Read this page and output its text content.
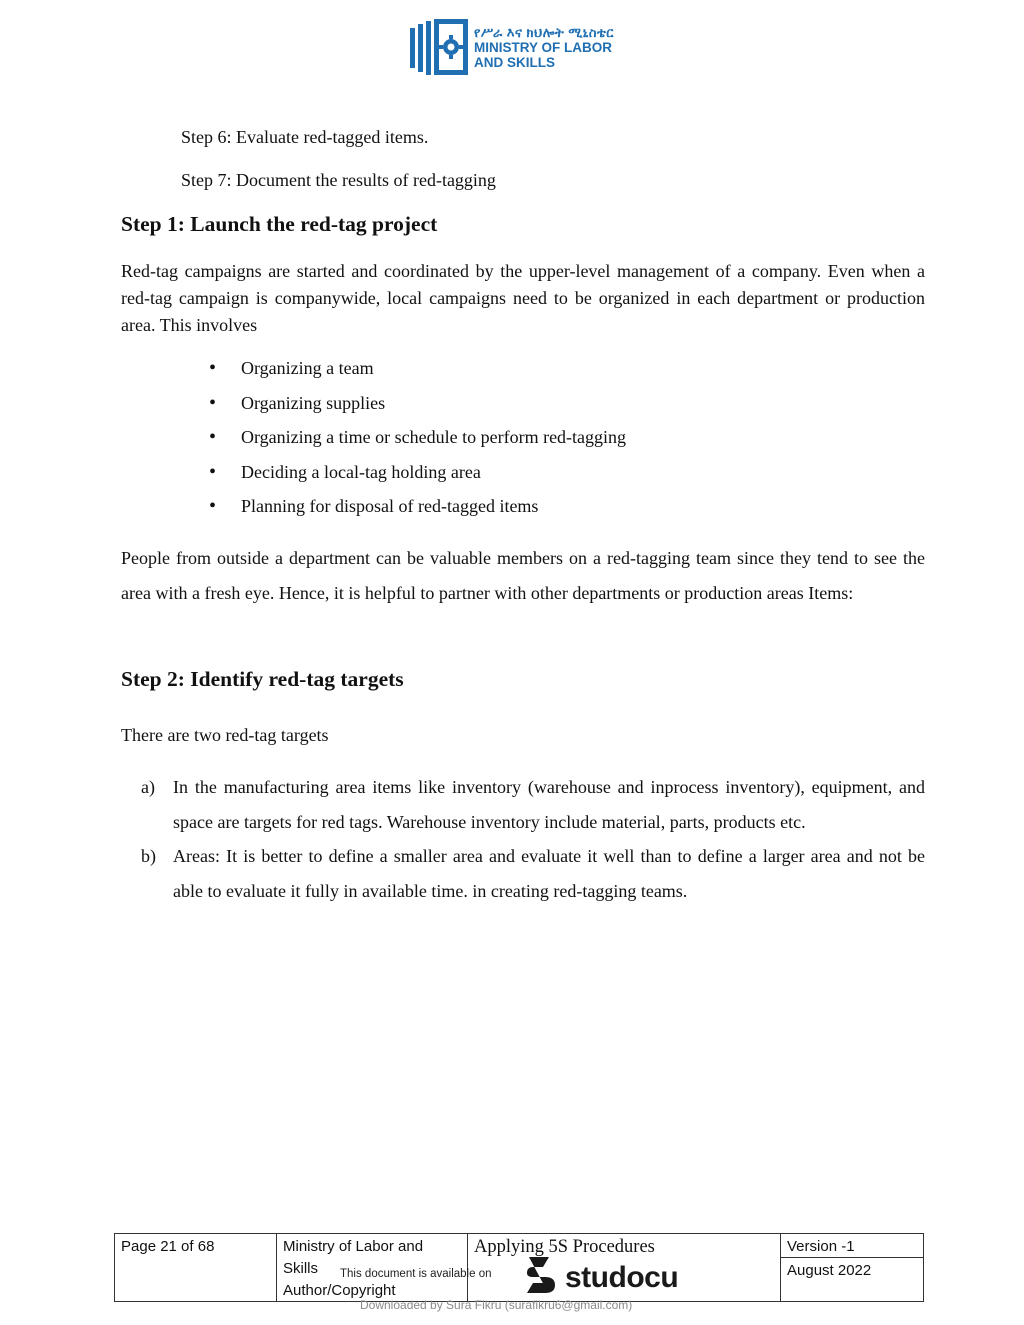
የሥራ እና ክህሎት ሚኒስቴር
MINISTRY OF LABOR
AND SKILLS
Step 6: Evaluate red-tagged items.
Step 7: Document the results of red-tagging
Step 1: Launch the red-tag project
Red-tag campaigns are started and coordinated by the upper-level management of a company. Even when a red-tag campaign is companywide, local campaigns need to be organized in each department or production area. This involves
• Organizing a team
• Organizing supplies
• Organizing a time or schedule to perform red-tagging
• Deciding a local-tag holding area
• Planning for disposal of red-tagged items
People from outside a department can be valuable members on a red-tagging team since they tend to see the area with a fresh eye. Hence, it is helpful to partner with other departments or production areas Items:
Step 2: Identify red-tag targets
There are two red-tag targets
a) In the manufacturing area items like inventory (warehouse and inprocess inventory), equipment, and space are targets for red tags. Warehouse inventory include material, parts, products etc.
b) Areas: It is better to define a smaller area and evaluate it well than to define a larger area and not be able to evaluate it fully in available time. in creating red-tagging teams.
Page 21 of 68	Ministry of Labor and
Skills
Author/Copyright
Applying 5S Procedures	Version -1
August 2022
This document is available on studocu
Downloaded by Sura Fikru (surafikru6@gmail.com)
